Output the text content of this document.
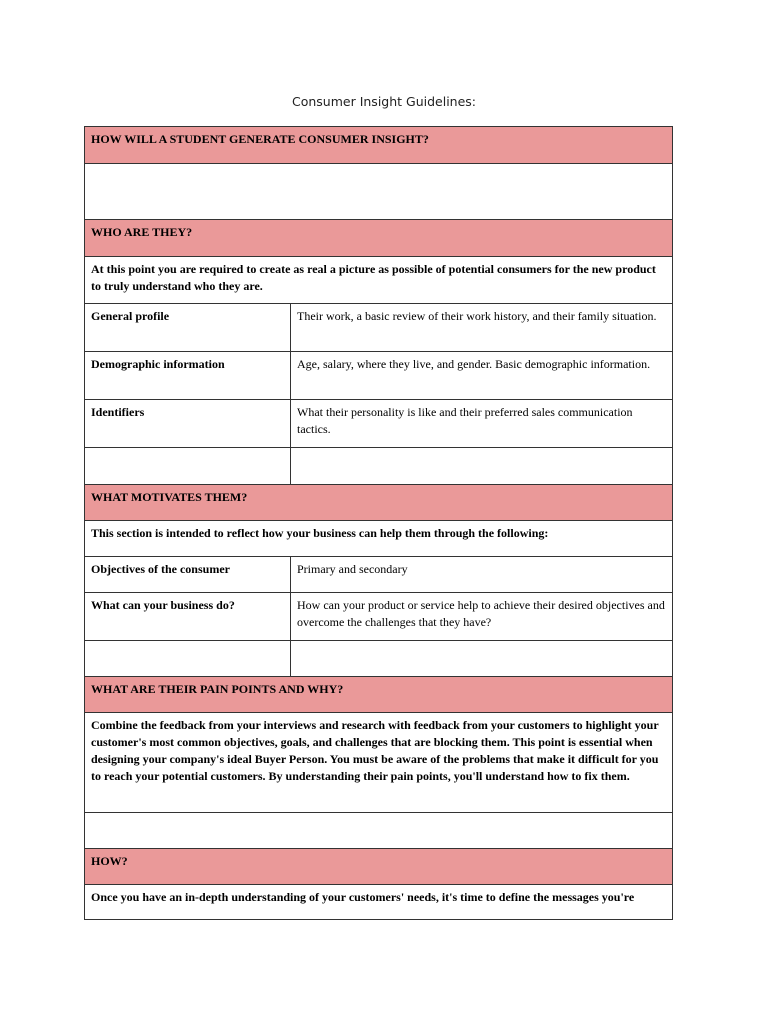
Consumer Insight Guidelines:
HOW WILL A STUDENT GENERATE CONSUMER INSIGHT?	

WHO ARE THEY?	
At this point you are required to create as real a picture as possible of potential consumers for the new product to truly understand who they are.	
General profile	Their work, a basic review of their work history, and their family situation.
Demographic information	Age, salary, where they live, and gender. Basic demographic information.
Identifiers	What their personality is like and their preferred sales communication tactics.

WHAT MOTIVATES THEM?	
This section is intended to reflect how your business can help them through the following:	
Objectives of the consumer	Primary and secondary
What can your business do?	How can your product or service help to achieve their desired objectives and overcome the challenges that they have?

WHAT ARE THEIR PAIN POINTS AND WHY?	
Combine the feedback from your interviews and research with feedback from your customers to highlight your customer's most common objectives, goals, and challenges that are blocking them. This point is essential when designing your company's ideal Buyer Person. You must be aware of the problems that make it difficult for you to reach your potential customers. By understanding their pain points, you'll understand how to fix them.	

HOW?	
Once you have an in-depth understanding of your customers' needs, it's time to define the messages you're	
